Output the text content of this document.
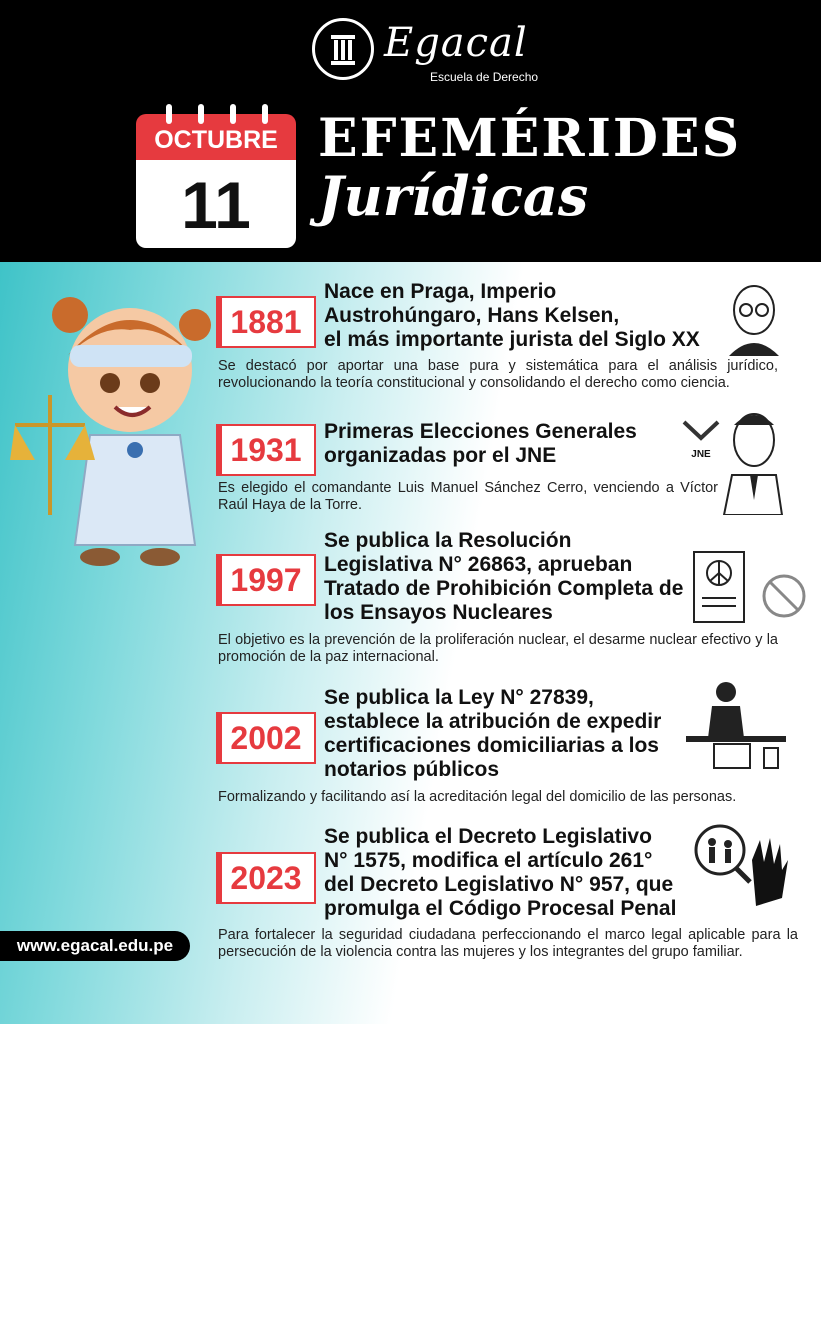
Egacal
Escuela de Derecho
OCTUBRE
11
EFEMÉRIDES
Jurídicas
1881
Nace en Praga, Imperio
Austrohúngaro, Hans Kelsen,
el más importante jurista del Siglo XX
Se destacó por aportar una base pura y sistemática para el análisis jurídico, revolucionando la teoría constitucional y consolidando el derecho como ciencia.
1931
Primeras Elecciones Generales
organizadas por el JNE	JNE
Es elegido el comandante Luis Manuel Sánchez Cerro, venciendo a Víctor Raúl Haya de la Torre.
1997
Se publica la Resolución
Legislativa N° 26863, aprueban
Tratado de Prohibición Completa de
los Ensayos Nucleares
El objetivo es la prevención de la proliferación nuclear, el desarme nuclear efectivo y la promoción de la paz internacional.
2002
Se publica la Ley N° 27839,
establece la atribución de expedir
certificaciones domiciliarias a los
notarios públicos
Formalizando y facilitando así la acreditación legal del domicilio de las personas.
2023
Se publica el Decreto Legislativo
N° 1575, modifica el artículo 261°
del Decreto Legislativo N° 957, que
promulga el Código Procesal Penal
Para fortalecer la seguridad ciudadana perfeccionando el marco legal aplicable para la persecución de la violencia contra las mujeres y los integrantes del grupo familiar.
www.egacal.edu.pe
